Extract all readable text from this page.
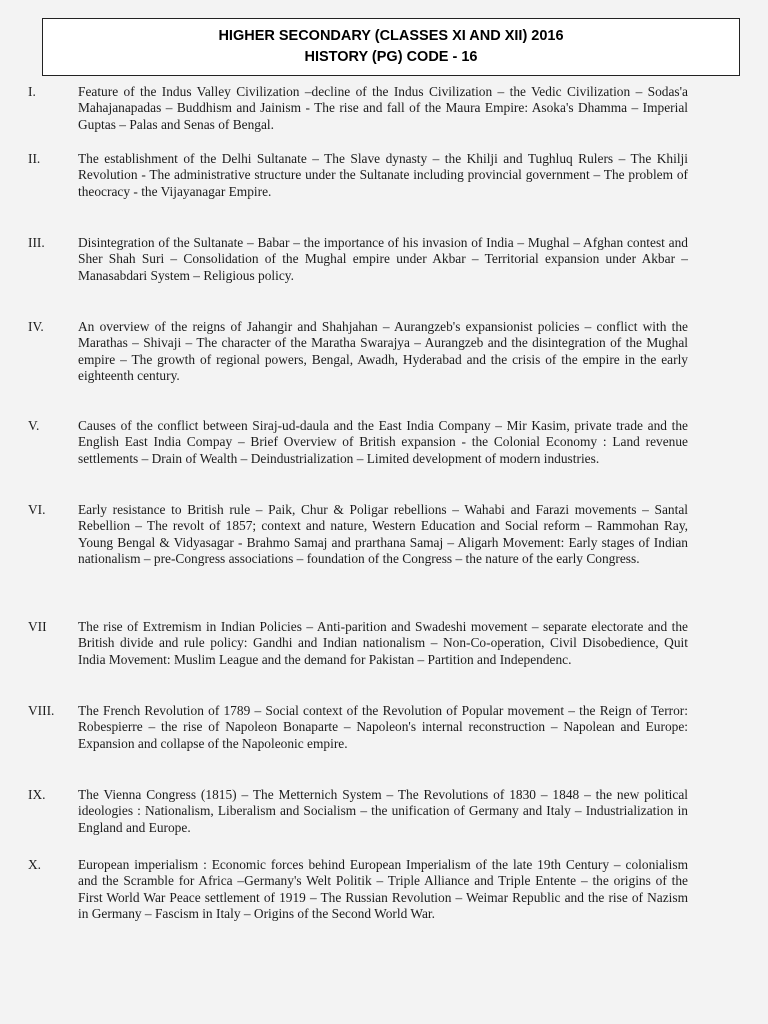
HIGHER SECONDARY (CLASSES XI AND XII) 2016
HISTORY (PG) CODE - 16
I.	Feature of the Indus Valley Civilization –decline of the Indus Civilization – the Vedic Civilization – Sodas'a Mahajanapadas – Buddhism and Jainism - The rise and fall of the Maura Empire: Asoka's Dhamma – Imperial Guptas – Palas and Senas of Bengal.
II.	The establishment of the Delhi Sultanate – The Slave dynasty – the Khilji and Tughluq Rulers – The Khilji Revolution - The administrative structure under the Sultanate including provincial government – The problem of theocracy - the Vijayanagar Empire.
III.	Disintegration of the Sultanate – Babar – the importance of his invasion of India – Mughal – Afghan contest and Sher Shah Suri – Consolidation of the Mughal empire under Akbar – Territorial expansion under Akbar – Manasabdari System – Religious policy.
IV.	An overview of the reigns of Jahangir and Shahjahan – Aurangzeb's expansionist policies – conflict with the Marathas – Shivaji – The character of the Maratha Swarajya – Aurangzeb and the disintegration of the Mughal empire – The growth of regional powers, Bengal, Awadh, Hyderabad and the crisis of the empire in the early eighteenth century.
V.	Causes of the conflict between Siraj-ud-daula and the East India Company – Mir Kasim, private trade and the English East India Compay – Brief Overview of British expansion - the Colonial Economy : Land revenue settlements – Drain of Wealth – Deindustrialization – Limited development of modern industries.
VI.	Early resistance to British rule – Paik, Chur & Poligar rebellions – Wahabi and Farazi movements – Santal Rebellion – The revolt of 1857; context and nature, Western Education and Social reform – Rammohan Ray, Young Bengal & Vidyasagar - Brahmo Samaj and prarthana Samaj – Aligarh Movement: Early stages of Indian nationalism – pre-Congress associations – foundation of the Congress – the nature of the early Congress.
VII	The rise of Extremism in Indian Policies – Anti-parition and Swadeshi movement – separate electorate and the British divide and rule policy: Gandhi and Indian nationalism – Non-Co-operation, Civil Disobedience, Quit India Movement: Muslim League and the demand for Pakistan – Partition and Independenc.
VIII.	The French Revolution of 1789 – Social context of the Revolution of Popular movement – the Reign of Terror: Robespierre – the rise of Napoleon Bonaparte – Napoleon's internal reconstruction – Napolean and Europe: Expansion and collapse of the Napoleonic empire.
IX.	The Vienna Congress (1815) – The Metternich System – The Revolutions of 1830 – 1848 – the new political ideologies : Nationalism, Liberalism and Socialism – the unification of Germany and Italy – Industrialization in England and Europe.
X.	European imperialism : Economic forces behind European Imperialism of the late 19th Century – colonialism and the Scramble for Africa –Germany's Welt Politik – Triple Alliance and Triple Entente – the origins of the First World War Peace settlement of 1919 – The Russian Revolution – Weimar Republic and the rise of Nazism in Germany – Fascism in Italy – Origins of the Second World War.
